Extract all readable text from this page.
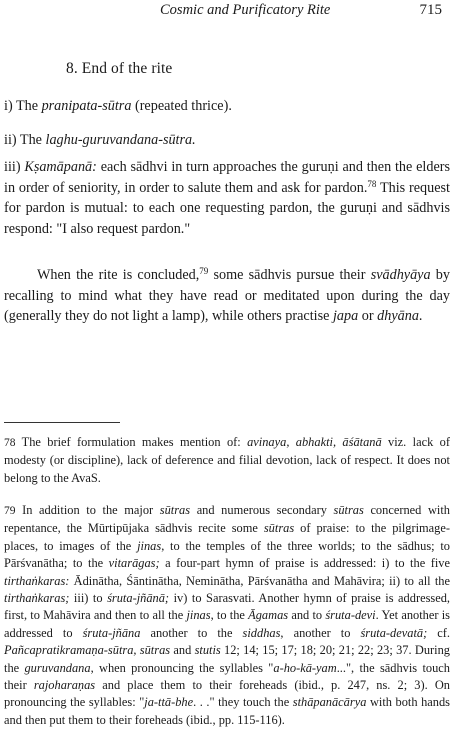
Cosmic and Purificatory Rite	715
8. End of the rite

i) The pranipata-sūtra (repeated thrice).

ii) The laghu-guruvandana-sūtra.

iii) Kṣamāpanā: each sādhvi in turn approaches the guruṇi and then the elders in order of seniority, in order to salute them and ask for pardon.$^{78}$ This request for pardon is mutual: to each one requesting pardon, the guruṇi and sādhvis respond: "I also request pardon."

When the rite is concluded,$^{79}$ some sādhvis pursue their svādhyāya by recalling to mind what they have read or meditated upon during the day (generally they do not light a lamp), while others practise japa or dhyāna.

78 The brief formulation makes mention of: avinaya, abhakti, āśātanā viz. lack of modesty (or discipline), lack of deference and filial devotion, lack of respect. It does not belong to the AvaS.

79 In addition to the major sūtras and numerous secondary sūtras concerned with repentance, the Mūrtipūjaka sādhvis recite some sūtras of praise: to the pilgrimage-places, to images of the jinas, to the temples of the three worlds; to the sādhus; to Pārśvanātha; to the vitarāgas; a four-part hymn of praise is addressed: i) to the five tirthaṅkaras: Ādinātha, Śāntinātha, Neminātha, Pārśvanātha and Mahāvira; ii) to all the tirthaṅkaras; iii) to śruta-jñānā; iv) to Sarasvati. Another hymn of praise is addressed, first, to Mahāvira and then to all the jinas, to the Āgamas and to śruta-devi. Yet another is addressed to śruta-jñāna another to the siddhas, another to śruta-devatā; cf. Pañcapratikramaṇa-sūtra, sūtras and stutis 12; 14; 15; 17; 18; 20; 21; 22; 23; 37. During the guruvandana, when pronouncing the syllables "a-ho-kā-yam...", the sādhvis touch their rajoharaṇas and place them to their foreheads (ibid., p. 247, ns. 2; 3). On pronouncing the syllables: "ja-ttā-bhe. . ." they touch the sthāpanācārya with both hands and then put them to their foreheads (ibid., pp. 115-116).
